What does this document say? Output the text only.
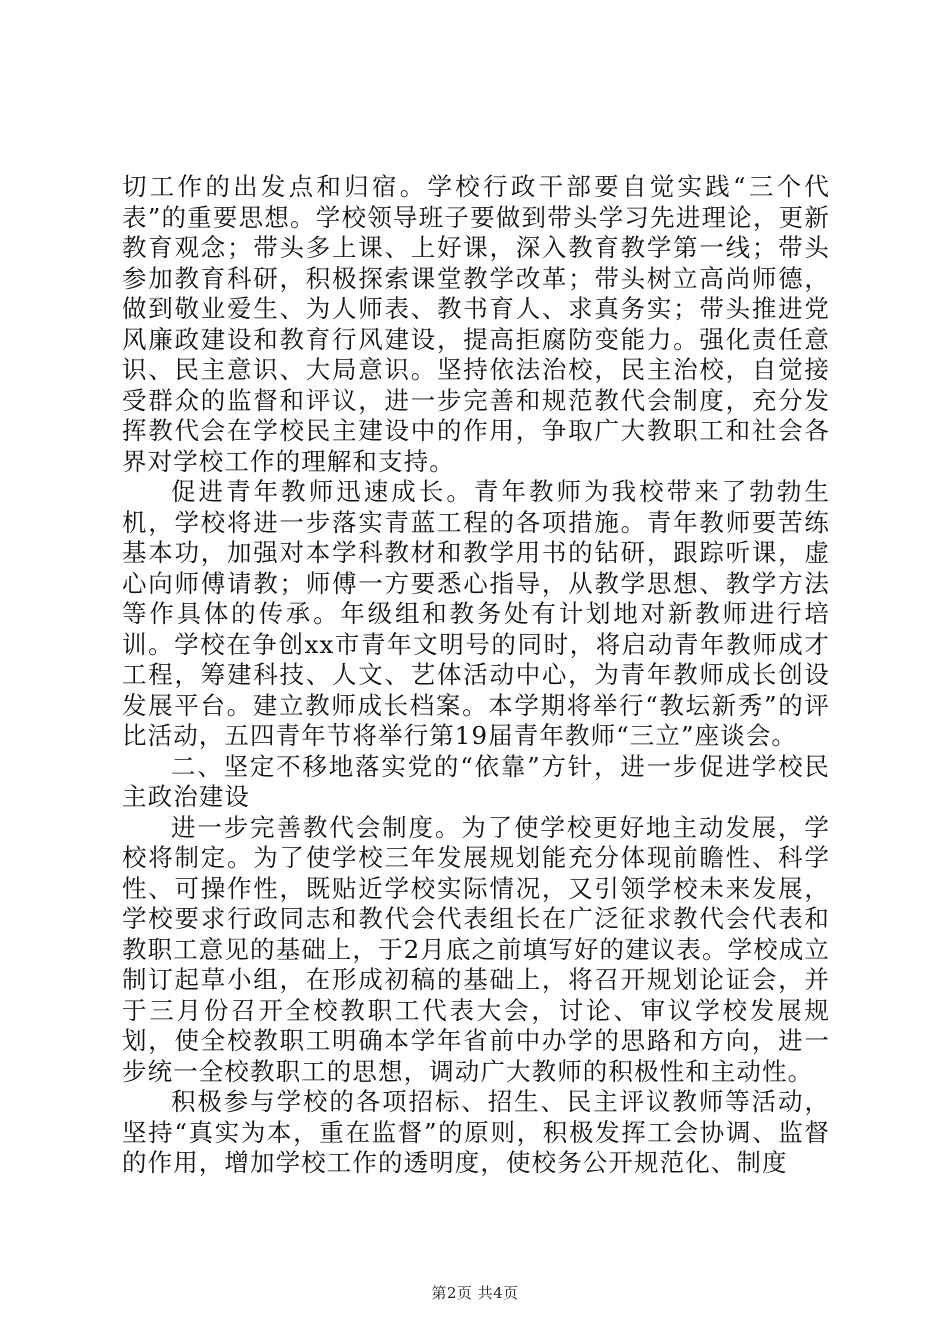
切工作的出发点和归宿。学校行政干部要自觉实践“三个代表”的重要思想。学校领导班子要做到带头学习先进理论，更新教育观念；带头多上课、上好课，深入教育教学第一线；带头参加教育科研，积极探索课堂教学改革；带头树立高尚师德，做到敬业爱生、为人师表、教书育人、求真务实；带头推进党风廉政建设和教育行风建设，提高拒腐防变能力。强化责任意识、民主意识、大局意识。坚持依法治校，民主治校，自觉接受群众的监督和评议，进一步完善和规范教代会制度，充分发挥教代会在学校民主建设中的作用，争取广大教职工和社会各界对学校工作的理解和支持。

促进青年教师迅速成长。青年教师为我校带来了勃勃生机，学校将进一步落实青蓝工程的各项措施。青年教师要苦练基本功，加强对本学科教材和教学用书的钻研，跟踪听课，虚心向师傅请教；师傅一方要悉心指导，从教学思想、教学方法等作具体的传承。年级组和教务处有计划地对新教师进行培训。学校在争创xx市青年文明号的同时，将启动青年教师成才工程，筹建科技、人文、艺体活动中心，为青年教师成长创设发展平台。建立教师成长档案。本学期将举行“教坛新秀”的评比活动，五四青年节将举行第19届青年教师“三立”座谈会。

二、坚定不移地落实党的“依靠”方针，进一步促进学校民主政治建设

进一步完善教代会制度。为了使学校更好地主动发展，学校将制定。为了使学校三年发展规划能充分体现前瞻性、科学性、可操作性，既贴近学校实际情况，又引领学校未来发展，学校要求行政同志和教代会代表组长在广泛征求教代会代表和教职工意见的基础上，于2月底之前填写好的建议表。学校成立制订起草小组，在形成初稿的基础上，将召开规划论证会，并于三月份召开全校教职工代表大会，讨论、审议学校发展规划，使全校教职工明确本学年省前中办学的思路和方向，进一步统一全校教职工的思想，调动广大教师的积极性和主动性。

积极参与学校的各项招标、招生、民主评议教师等活动，坚持“真实为本，重在监督”的原则，积极发挥工会协调、监督的作用，增加学校工作的透明度，使校务公开规范化、制度

第2页 共4页
